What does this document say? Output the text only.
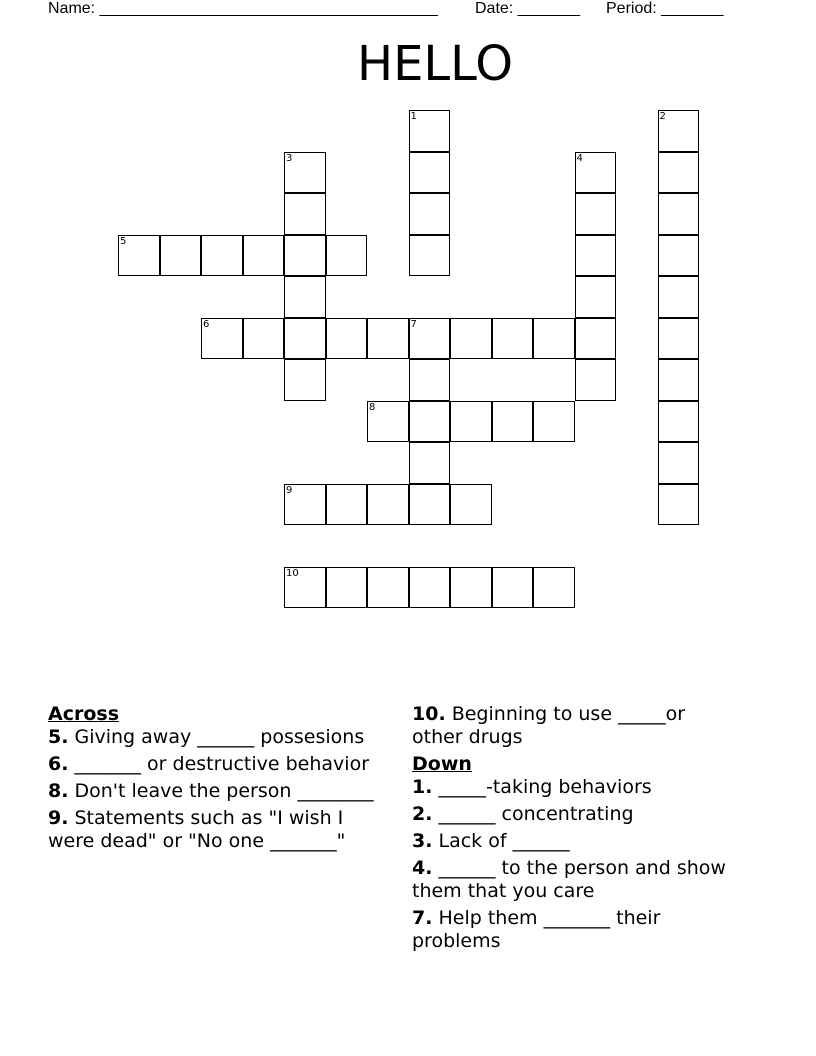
Name: ______________________________________ Date: _______ Period: _______
HELLO
1	2
3	4
5
6	7
8
9
10
Across
5. Giving away ______ possesions
6. _______ or destructive behavior
8. Don't leave the person ________
9. Statements such as "I wish I were dead" or "No one _______"
10. Beginning to use _____or other drugs
Down
1. _____-taking behaviors
2. ______ concentrating
3. Lack of ______
4. ______ to the person and show them that you care
7. Help them _______ their problems
